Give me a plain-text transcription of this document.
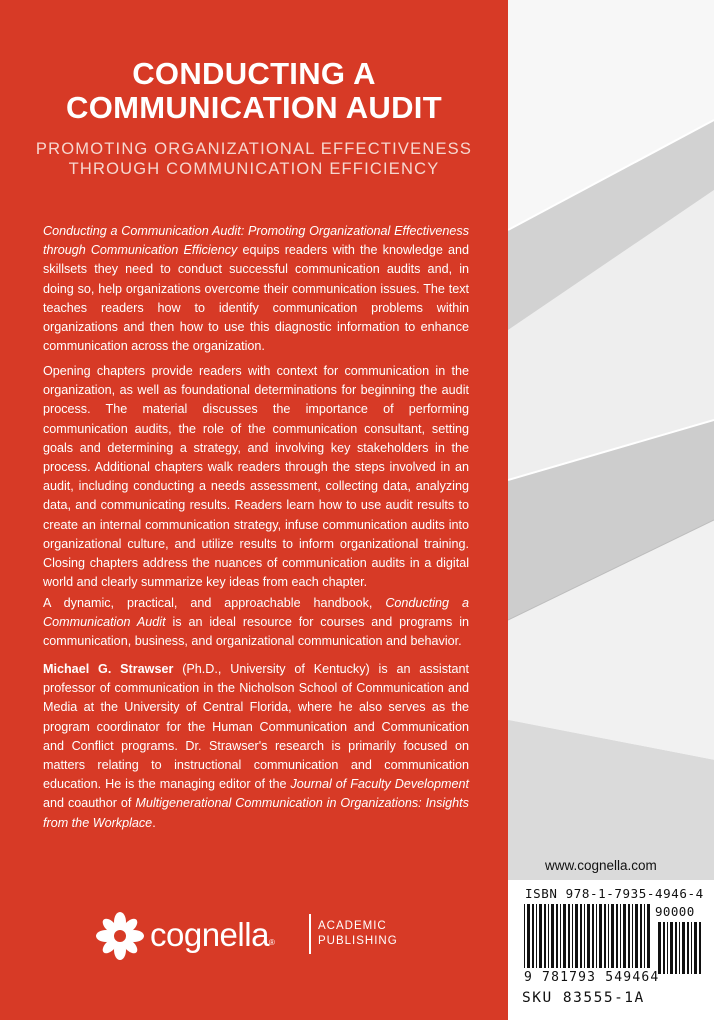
CONDUCTING A
COMMUNICATION AUDIT
PROMOTING ORGANIZATIONAL EFFECTIVENESS
THROUGH COMMUNICATION EFFICIENCY
Conducting a Communication Audit: Promoting Organizational Effectiveness through Communication Efficiency equips readers with the knowledge and skillsets they need to conduct successful communication audits and, in doing so, help organizations overcome their communication issues. The text teaches readers how to identify communication problems within organizations and then how to use this diagnostic information to enhance communication across the organization.
Opening chapters provide readers with context for communication in the organization, as well as foundational determinations for beginning the audit process. The material discusses the importance of performing communication audits, the role of the communication consultant, setting goals and determining a strategy, and involving key stakeholders in the process. Additional chapters walk readers through the steps involved in an audit, including conducting a needs assessment, collecting data, analyzing data, and communicating results. Readers learn how to use audit results to create an internal communication strategy, infuse communication audits into organizational culture, and utilize results to inform organizational training. Closing chapters address the nuances of communication audits in a digital world and clearly summarize key ideas from each chapter.
A dynamic, practical, and approachable handbook, Conducting a Communication Audit is an ideal resource for courses and programs in communication, business, and organizational communication and behavior.
Michael G. Strawser (Ph.D., University of Kentucky) is an assistant professor of communication in the Nicholson School of Communication and Media at the University of Central Florida, where he also serves as the program coordinator for the Human Communication and Communication and Conflict programs. Dr. Strawser's research is primarily focused on matters relating to instructional communication and communication education. He is the managing editor of the Journal of Faculty Development and coauthor of Multigenerational Communication in Organizations: Insights from the Workplace.
cognella®
ACADEMIC
PUBLISHING
www.cognella.com
ISBN 978-1-7935-4946-4
90000
9 781793 549464
SKU 83555-1A
